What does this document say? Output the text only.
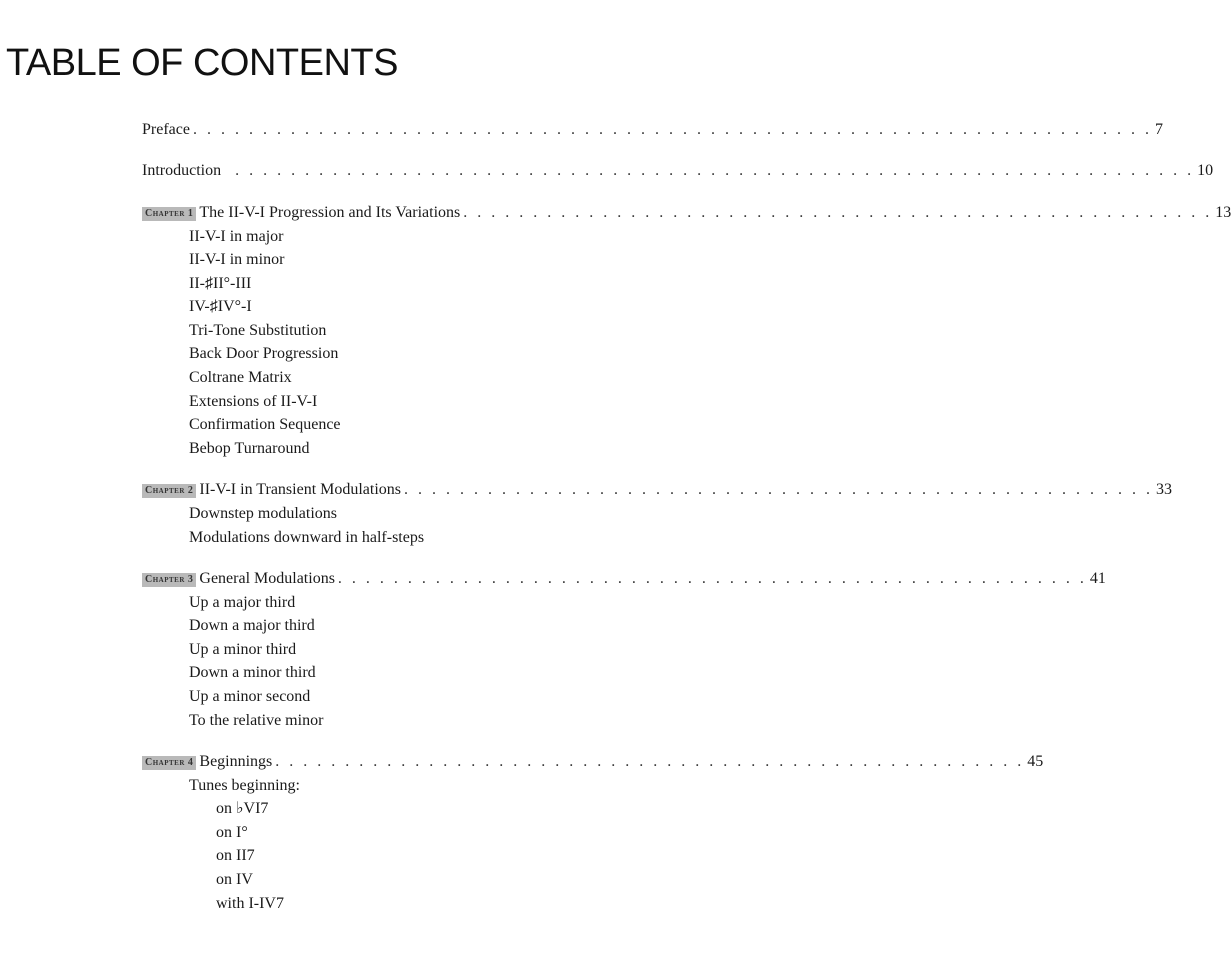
TABLE OF CONTENTS
Preface . . . . . . . . . . . . . . . . . . . . . . . . . . . . . . . . . . . . . . . . . . . . . . . . . . . . . . . . . . . . . . . . . . . . . 7
Introduction . . . . . . . . . . . . . . . . . . . . . . . . . . . . . . . . . . . . . . . . . . . . . . . . . . . . . . . . . . . . . . . . . . . . . 10
Chapter 1 The II-V-I Progression and Its Variations . . . . . . . . . . . . . . . . . . . . . . . . . . . . . . . . . . . . . . . . . . . . . . . . . . . . . . 13
II-V-I in major
II-V-I in minor
II-♯II°-III
IV-♯IV°-I
Tri-Tone Substitution
Back Door Progression
Coltrane Matrix
Extensions of II-V-I
Confirmation Sequence
Bebop Turnaround
Chapter 2 II-V-I in Transient Modulations . . . . . . . . . . . . . . . . . . . . . . . . . . . . . . . . . . . . . . . . . . . . . . . . . . . . . . 33
Downstep modulations
Modulations downward in half-steps
Chapter 3 General Modulations . . . . . . . . . . . . . . . . . . . . . . . . . . . . . . . . . . . . . . . . . . . . . . . . . . . . . . 41
Up a major third
Down a major third
Up a minor third
Down a minor third
Up a minor second
To the relative minor
Chapter 4 Beginnings . . . . . . . . . . . . . . . . . . . . . . . . . . . . . . . . . . . . . . . . . . . . . . . . . . . . . . 45
Tunes beginning:
on ♭VI7
on I°
on II7
on IV
with I-IV7
